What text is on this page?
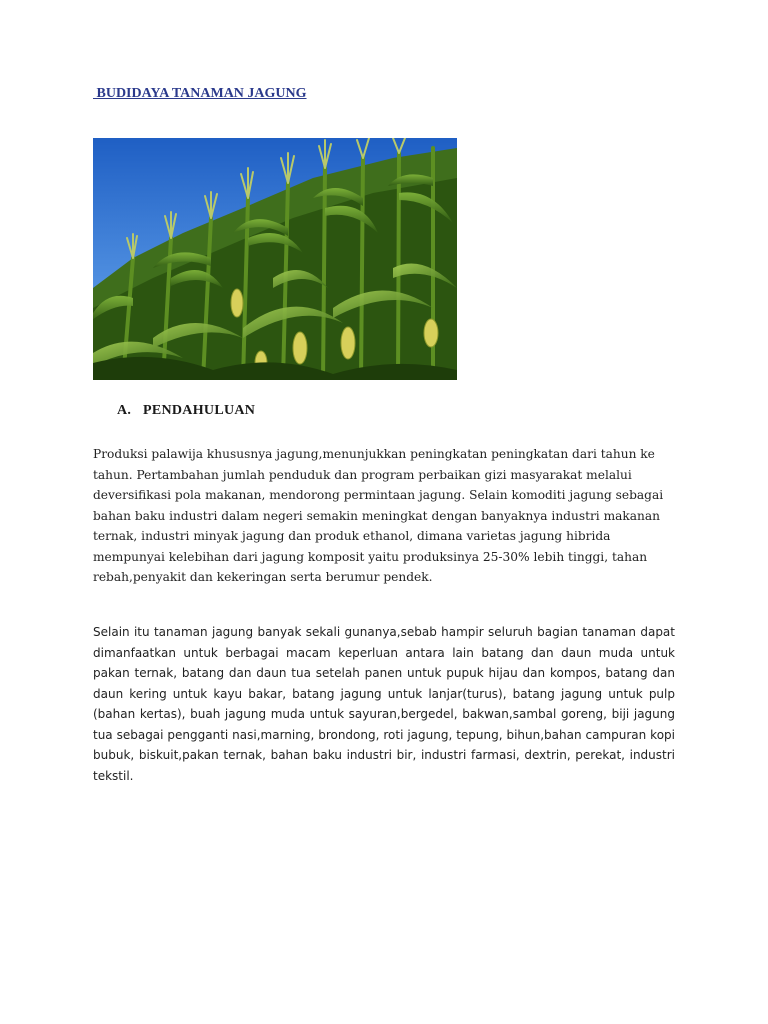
BUDIDAYA TANAMAN JAGUNG
A. PENDAHULUAN

Produksi palawija khususnya jagung,menunjukkan peningkatan peningkatan dari tahun ke tahun. Pertambahan jumlah penduduk dan program perbaikan gizi masyarakat melalui deversifikasi pola makanan, mendorong permintaan jagung. Selain komoditi jagung sebagai bahan baku industri dalam negeri semakin meningkat dengan banyaknya industri makanan ternak, industri minyak jagung dan produk ethanol, dimana varietas jagung hibrida mempunyai kelebihan dari jagung komposit yaitu produksinya 25-30% lebih tinggi, tahan rebah,penyakit dan kekeringan serta berumur pendek.

Selain itu tanaman jagung banyak sekali gunanya,sebab hampir seluruh bagian tanaman dapat dimanfaatkan untuk berbagai macam keperluan antara lain batang dan daun muda untuk pakan ternak, batang dan daun tua setelah panen untuk pupuk hijau dan kompos, batang dan daun kering untuk kayu bakar, batang jagung untuk lanjar(turus), batang jagung untuk pulp (bahan kertas), buah jagung muda untuk sayuran,bergedel, bakwan,sambal goreng, biji jagung tua sebagai pengganti nasi,marning, brondong, roti jagung, tepung, bihun,bahan campuran kopi bubuk, biskuit,pakan ternak, bahan baku industri bir, industri farmasi, dextrin, perekat, industri tekstil.
